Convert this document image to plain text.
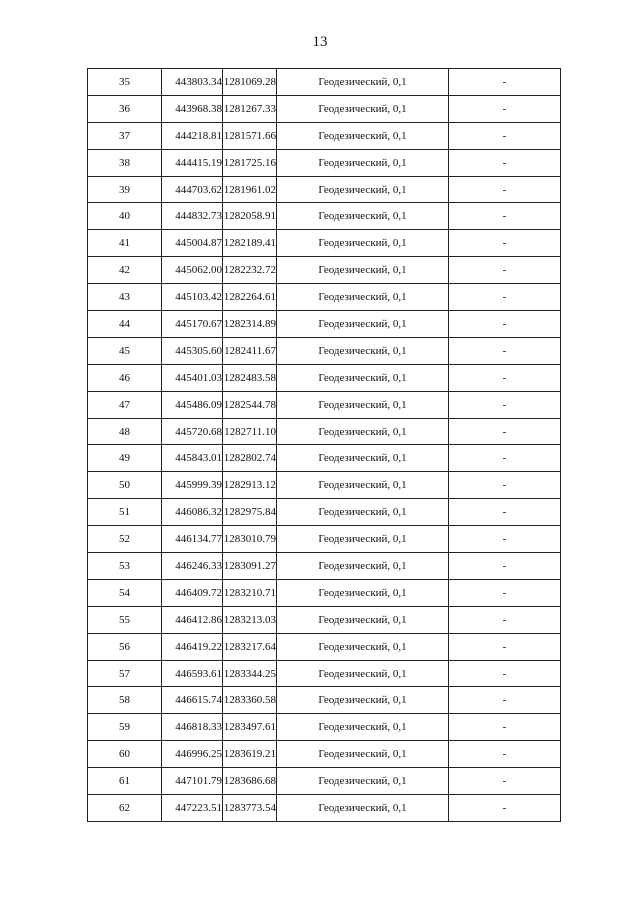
13
35	443803.34	1281069.28	Геодезический, 0,1	-
36	443968.38	1281267.33	Геодезический, 0,1	-
37	444218.81	1281571.66	Геодезический, 0,1	-
38	444415.19	1281725.16	Геодезический, 0,1	-
39	444703.62	1281961.02	Геодезический, 0,1	-
40	444832.73	1282058.91	Геодезический, 0,1	-
41	445004.87	1282189.41	Геодезический, 0,1	-
42	445062.00	1282232.72	Геодезический, 0,1	-
43	445103.42	1282264.61	Геодезический, 0,1	-
44	445170.67	1282314.89	Геодезический, 0,1	-
45	445305.60	1282411.67	Геодезический, 0,1	-
46	445401.03	1282483.58	Геодезический, 0,1	-
47	445486.09	1282544.78	Геодезический, 0,1	-
48	445720.68	1282711.10	Геодезический, 0,1	-
49	445843.01	1282802.74	Геодезический, 0,1	-
50	445999.39	1282913.12	Геодезический, 0,1	-
51	446086.32	1282975.84	Геодезический, 0,1	-
52	446134.77	1283010.79	Геодезический, 0,1	-
53	446246.33	1283091.27	Геодезический, 0,1	-
54	446409.72	1283210.71	Геодезический, 0,1	-
55	446412.86	1283213.03	Геодезический, 0,1	-
56	446419.22	1283217.64	Геодезический, 0,1	-
57	446593.61	1283344.25	Геодезический, 0,1	-
58	446615.74	1283360.58	Геодезический, 0,1	-
59	446818.33	1283497.61	Геодезический, 0,1	-
60	446996.25	1283619.21	Геодезический, 0,1	-
61	447101.79	1283686.68	Геодезический, 0,1	-
62	447223.51	1283773.54	Геодезический, 0,1	-
